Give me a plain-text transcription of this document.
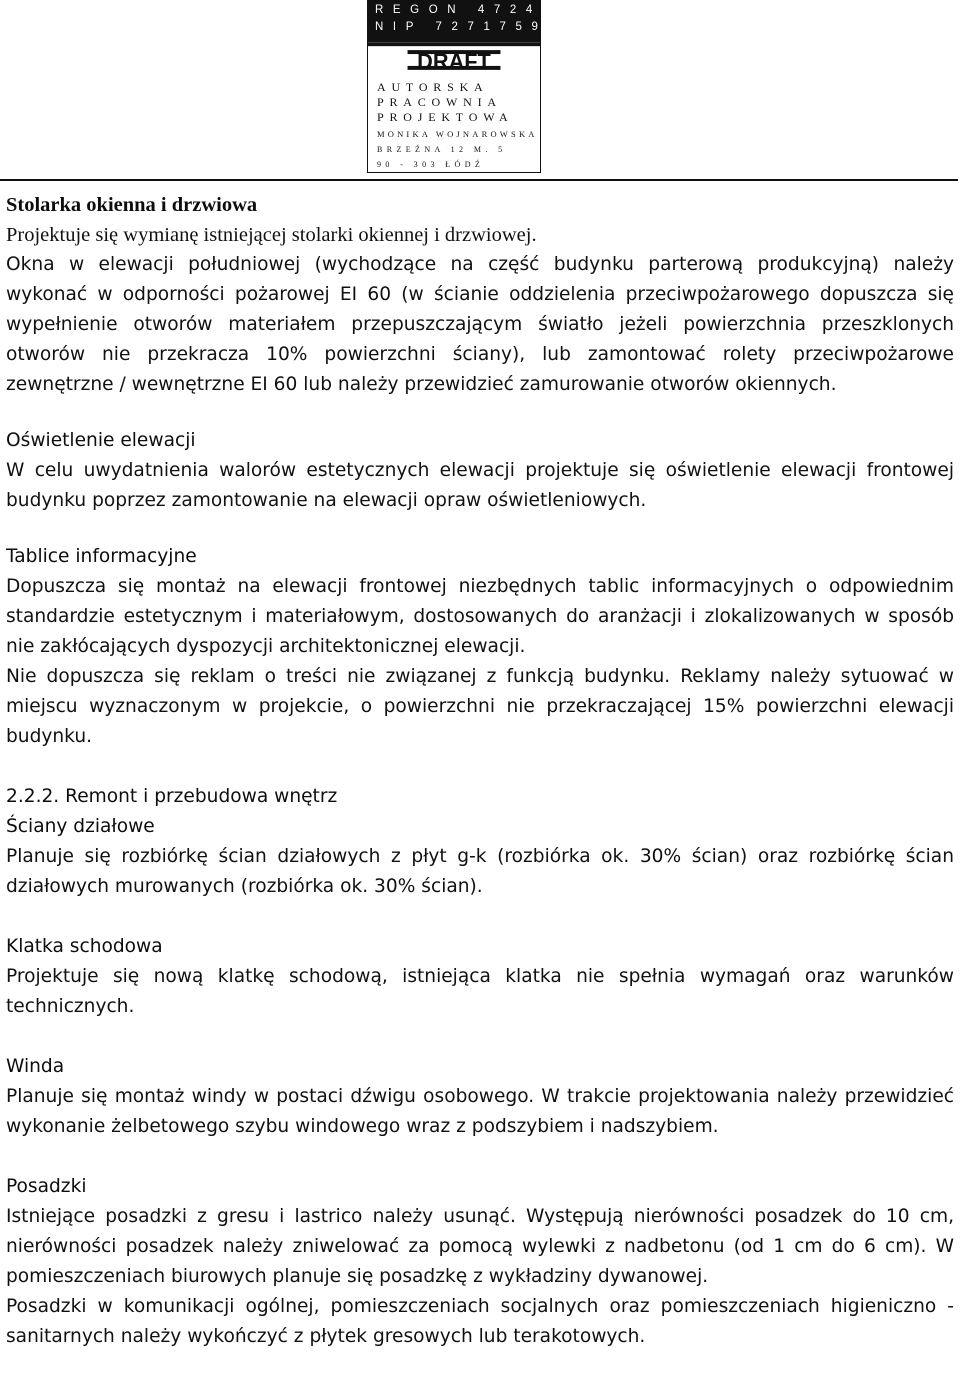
R E G O N   4 7 2 4 0 2 5 3 7
N I P   7 2 7 1 7 5 9 6 1 1
DRAFT
AUTORSKA
PRACOWNIA
PROJEKTOWA
MONIKA WOJNAROWSKA
BRZEŹNA 12 M. 5
90 - 303 ŁÓDŹ

Stolarka okienna i drzwiowa

Projektuje się wymianę istniejącej stolarki okiennej i drzwiowej.

Okna w elewacji południowej (wychodzące na część budynku parterową produkcyjną) należy wykonać w odporności pożarowej EI 60 (w ścianie oddzielenia przeciwpożarowego dopuszcza się wypełnienie otworów materiałem przepuszczającym światło jeżeli powierzchnia przeszklonych otworów nie przekracza 10% powierzchni ściany), lub zamontować rolety przeciwpożarowe zewnętrzne / wewnętrzne EI 60 lub należy przewidzieć zamurowanie otworów okiennych.

Oświetlenie elewacji

W celu uwydatnienia walorów estetycznych elewacji projektuje się oświetlenie elewacji frontowej budynku poprzez zamontowanie na elewacji opraw oświetleniowych.

Tablice informacyjne

Dopuszcza się montaż na elewacji frontowej niezbędnych tablic informacyjnych o odpowiednim standardzie estetycznym i materiałowym, dostosowanych do aranżacji i zlokalizowanych w sposób nie zakłócających dyspozycji architektonicznej elewacji.

Nie dopuszcza się reklam o treści nie związanej z funkcją budynku. Reklamy należy sytuować w miejscu wyznaczonym w projekcie, o powierzchni nie przekraczającej 15% powierzchni elewacji budynku.

2.2.2. Remont i przebudowa wnętrz

Ściany działowe

Planuje się rozbiórkę ścian działowych z płyt g-k (rozbiórka ok. 30% ścian) oraz rozbiórkę ścian działowych murowanych (rozbiórka ok. 30% ścian).

Klatka schodowa

Projektuje się nową klatkę schodową, istniejąca klatka nie spełnia wymagań oraz warunków technicznych.

Winda

Planuje się montaż windy w postaci dźwigu osobowego. W trakcie projektowania należy przewidzieć wykonanie żelbetowego szybu windowego wraz z podszybiem i nadszybiem.

Posadzki

Istniejące posadzki z gresu i lastrico należy usunąć. Występują nierówności posadzek do 10 cm, nierówności posadzek należy zniwelować za pomocą wylewki z nadbetonu (od 1 cm do 6 cm). W pomieszczeniach biurowych planuje się posadzkę z wykładziny dywanowej.

Posadzki w komunikacji ogólnej, pomieszczeniach socjalnych oraz pomieszczeniach higieniczno - sanitarnych należy wykończyć z płytek gresowych lub terakotowych.
